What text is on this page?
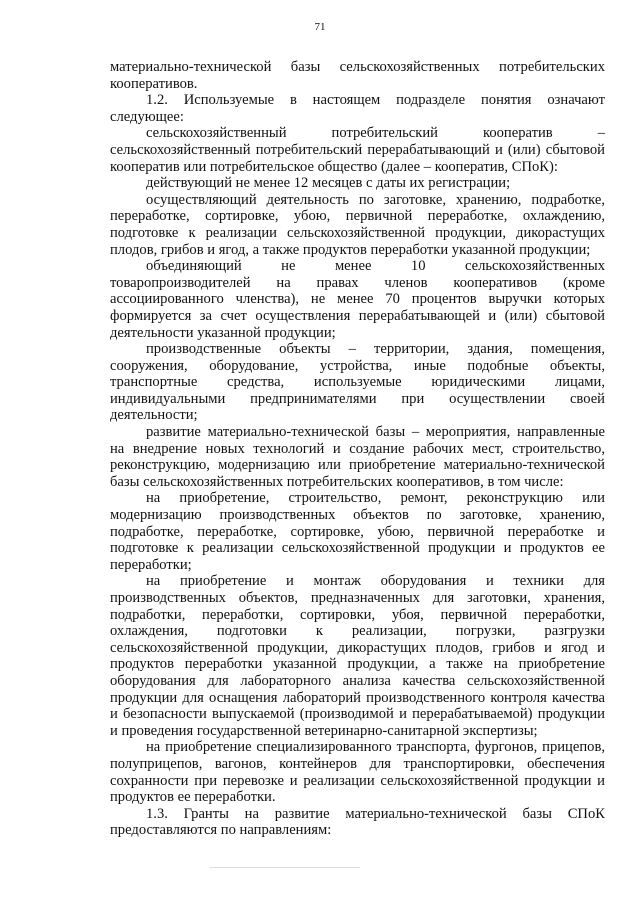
71

материально-технической базы сельскохозяйственных потребительских кооперативов.

1.2. Используемые в настоящем подразделе понятия означают следующее:

сельскохозяйственный потребительский кооператив – сельскохозяйственный потребительский перерабатывающий и (или) сбытовой кооператив или потребительское общество (далее – кооператив, СПоК):

действующий не менее 12 месяцев с даты их регистрации;

осуществляющий деятельность по заготовке, хранению, подработке, переработке, сортировке, убою, первичной переработке, охлаждению, подготовке к реализации сельскохозяйственной продукции, дикорастущих плодов, грибов и ягод, а также продуктов переработки указанной продукции;

объединяющий не менее 10 сельскохозяйственных товаропроизводителей на правах членов кооперативов (кроме ассоциированного членства), не менее 70 процентов выручки которых формируется за счет осуществления перерабатывающей и (или) сбытовой деятельности указанной продукции;

производственные объекты – территории, здания, помещения, сооружения, оборудование, устройства, иные подобные объекты, транспортные средства, используемые юридическими лицами, индивидуальными предпринимателями при осуществлении своей деятельности;

развитие материально-технической базы – мероприятия, направленные на внедрение новых технологий и создание рабочих мест, строительство, реконструкцию, модернизацию или приобретение материально-технической базы сельскохозяйственных потребительских кооперативов, в том числе:

на приобретение, строительство, ремонт, реконструкцию или модернизацию производственных объектов по заготовке, хранению, подработке, переработке, сортировке, убою, первичной переработке и подготовке к реализации сельскохозяйственной продукции и продуктов ее переработки;

на приобретение и монтаж оборудования и техники для производственных объектов, предназначенных для заготовки, хранения, подработки, переработки, сортировки, убоя, первичной переработки, охлаждения, подготовки к реализации, погрузки, разгрузки сельскохозяйственной продукции, дикорастущих плодов, грибов и ягод и продуктов переработки указанной продукции, а также на приобретение оборудования для лабораторного анализа качества сельскохозяйственной продукции для оснащения лабораторий производственного контроля качества и безопасности выпускаемой (производимой и перерабатываемой) продукции и проведения государственной ветеринарно-санитарной экспертизы;

на приобретение специализированного транспорта, фургонов, прицепов, полуприцепов, вагонов, контейнеров для транспортировки, обеспечения сохранности при перевозке и реализации сельскохозяйственной продукции и продуктов ее переработки.

1.3. Гранты на развитие материально-технической базы СПоК предоставляются по направлениям:
